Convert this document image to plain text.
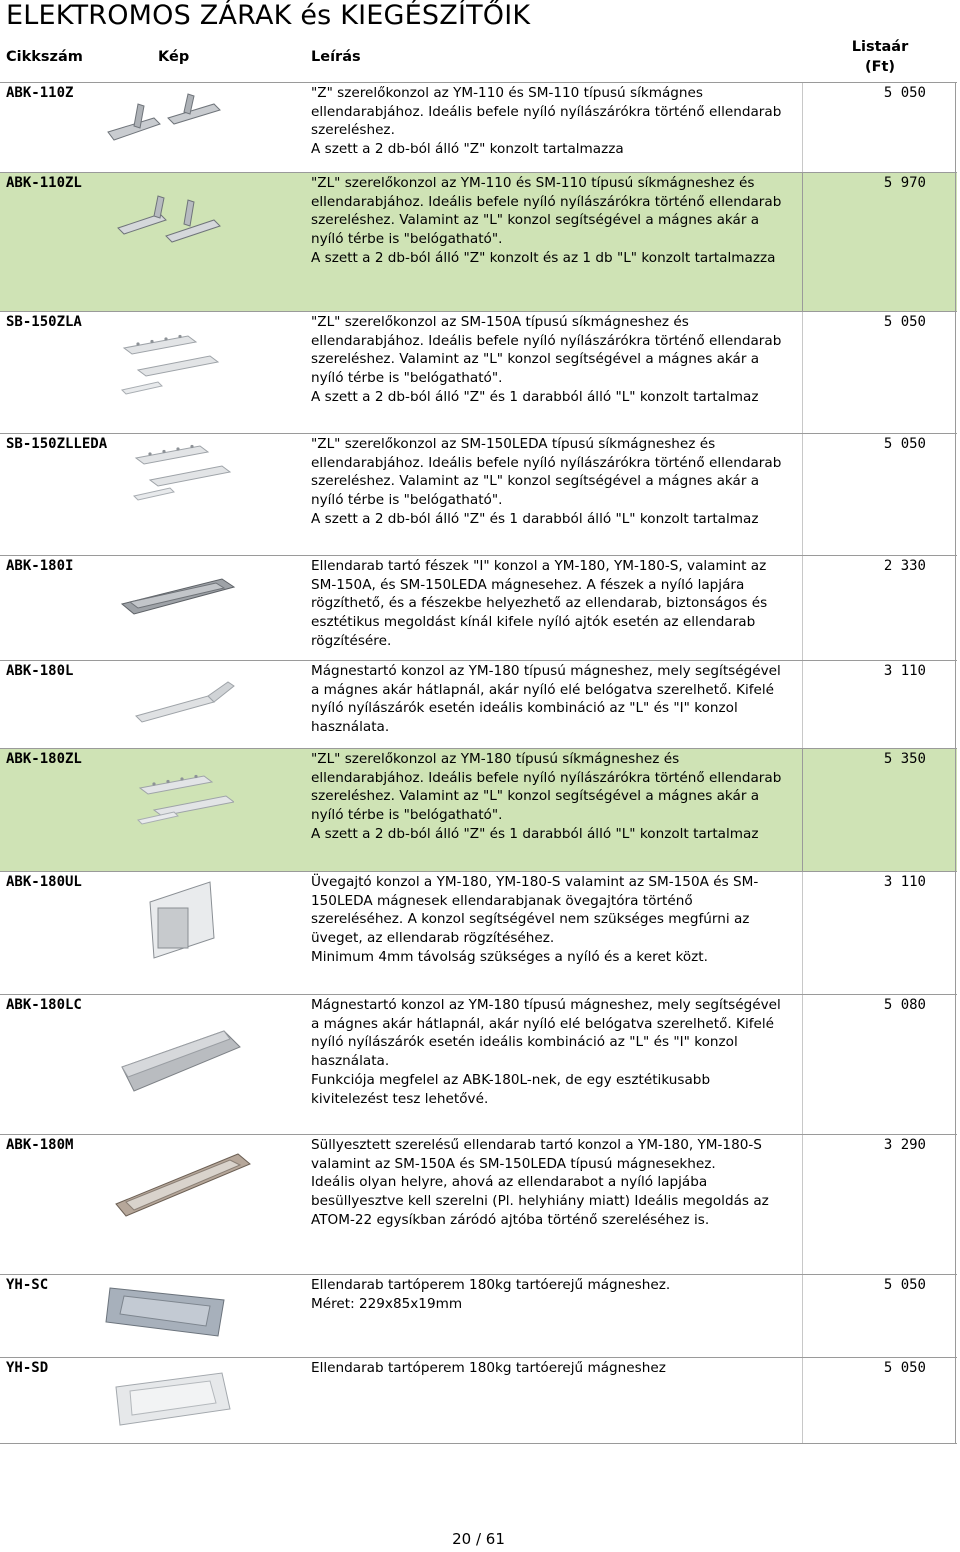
ELEKTROMOS ZÁRAK és KIEGÉSZÍTŐIK
Cikkszám	Kép	Leírás
Listaár
(Ft)
ABK-110Z	"Z" szerelőkonzol az YM-110 és SM-110 típusú síkmágnes
ellendarabjához. Ideális befele nyíló nyílászárókra történő ellendarab
szereléshez.
A szett a 2 db-ból álló "Z" konzolt tartalmazza
5 050
ABK-110ZL	"ZL" szerelőkonzol az YM-110 és SM-110 típusú síkmágneshez és
ellendarabjához. Ideális befele nyíló nyílászárókra történő ellendarab
szereléshez. Valamint az "L" konzol segítségével a mágnes akár a
nyíló térbe is "belógatható".
A szett a 2 db-ból álló "Z" konzolt és az 1 db "L" konzolt tartalmazza
5 970
SB-150ZLA	"ZL" szerelőkonzol az SM-150A típusú síkmágneshez és
ellendarabjához. Ideális befele nyíló nyílászárókra történő ellendarab
szereléshez. Valamint az "L" konzol segítségével a mágnes akár a
nyíló térbe is "belógatható".
A szett a 2 db-ból álló "Z" és 1 darabból álló "L" konzolt tartalmaz
5 050
SB-150ZLLEDA	"ZL" szerelőkonzol az SM-150LEDA típusú síkmágneshez és
ellendarabjához. Ideális befele nyíló nyílászárókra történő ellendarab
szereléshez. Valamint az "L" konzol segítségével a mágnes akár a
nyíló térbe is "belógatható".
A szett a 2 db-ból álló "Z" és 1 darabból álló "L" konzolt tartalmaz
5 050
ABK-180I	Ellendarab tartó fészek "I" konzol a YM-180, YM-180-S, valamint az
SM-150A, és SM-150LEDA mágnesehez. A fészek a nyíló lapjára
rögzíthető, és a fészekbe helyezhető az ellendarab, biztonságos és
esztétikus megoldást kínál kifele nyíló ajtók esetén az ellendarab
rögzítésére.
2 330
ABK-180L	Mágnestartó konzol az YM-180 típusú mágneshez, mely segítségével
a mágnes akár hátlapnál, akár nyíló elé belógatva szerelhető. Kifelé
nyíló nyílászárók esetén ideális kombináció az "L" és "I" konzol
használata.
3 110
ABK-180ZL	"ZL" szerelőkonzol az YM-180 típusú síkmágneshez és
ellendarabjához. Ideális befele nyíló nyílászárókra történő ellendarab
szereléshez. Valamint az "L" konzol segítségével a mágnes akár a
nyíló térbe is "belógatható".
A szett a 2 db-ból álló "Z" és 1 darabból álló "L" konzolt tartalmaz
5 350
ABK-180UL	Üvegajtó konzol a YM-180, YM-180-S valamint az SM-150A és SM-
150LEDA mágnesek ellendarabjanak övegajtóra történő
szereléséhez. A konzol segítségével nem szükséges megfúrni az
üveget, az ellendarab rögzítéséhez.
Minimum 4mm távolság szükséges a nyíló és a keret közt.
3 110
ABK-180LC	Mágnestartó konzol az YM-180 típusú mágneshez, mely segítségével
a mágnes akár hátlapnál, akár nyíló elé belógatva szerelhető. Kifelé
nyíló nyílászárók esetén ideális kombináció az "L" és "I" konzol
használata.
Funkciója megfelel az ABK-180L-nek, de egy esztétikusabb
kivitelezést tesz lehetővé.
5 080
ABK-180M	Süllyesztett szerelésű ellendarab tartó konzol a YM-180, YM-180-S
valamint az SM-150A és SM-150LEDA típusú mágnesekhez.
Ideális olyan helyre, ahová az ellendarabot a nyíló lapjába
besüllyesztve kell szerelni (Pl. helyhiány miatt) Ideális megoldás az
ATOM-22 egysíkban záródó ajtóba történő szereléséhez is.
3 290
YH-SC	Ellendarab tartóperem 180kg tartóerejű mágneshez.
Méret: 229x85x19mm
5 050
YH-SD	Ellendarab tartóperem 180kg tartóerejű mágneshez	5 050
20 / 61
